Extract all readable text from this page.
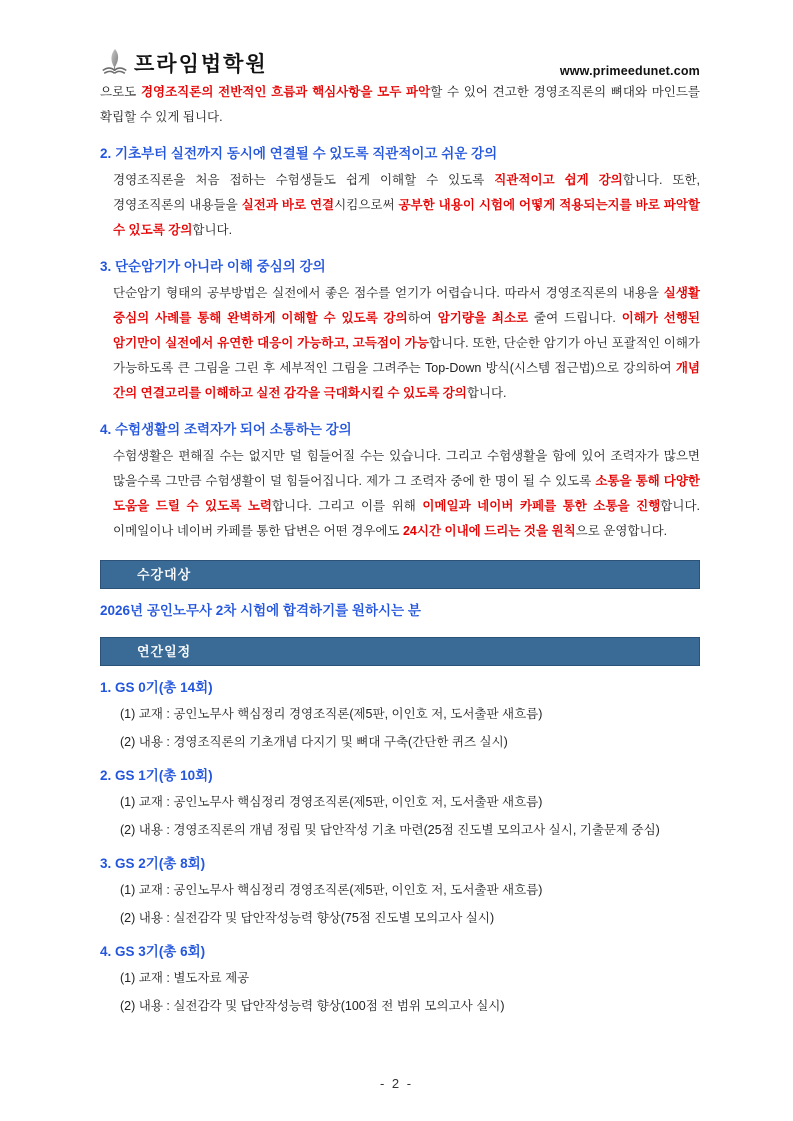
프라임법학원	www.primeedunet.com

으로도 경영조직론의 전반적인 흐름과 핵심사항을 모두 파악할 수 있어 견고한 경영조직론의 뼈대와 마인드를 확립할 수 있게 됩니다.

2. 기초부터 실전까지 동시에 연결될 수 있도록 직관적이고 쉬운 강의

경영조직론을 처음 접하는 수험생들도 쉽게 이해할 수 있도록 직관적이고 쉽게 강의합니다. 또한, 경영조직론의 내용들을 실전과 바로 연결시킴으로써 공부한 내용이 시험에 어떻게 적용되는지를 바로 파악할 수 있도록 강의합니다.

3. 단순암기가 아니라 이해 중심의 강의

단순암기 형태의 공부방법은 실전에서 좋은 점수를 얻기가 어렵습니다. 따라서 경영조직론의 내용을 실생활 중심의 사례를 통해 완벽하게 이해할 수 있도록 강의하여 암기량을 최소로 줄여 드립니다. 이해가 선행된 암기만이 실전에서 유연한 대응이 가능하고, 고득점이 가능합니다. 또한, 단순한 암기가 아닌 포괄적인 이해가 가능하도록 큰 그림을 그린 후 세부적인 그림을 그려주는 Top-Down 방식(시스템 접근법)으로 강의하여 개념 간의 연결고리를 이해하고 실전 감각을 극대화시킬 수 있도록 강의합니다.

4. 수험생활의 조력자가 되어 소통하는 강의

수험생활은 편해질 수는 없지만 덜 힘들어질 수는 있습니다. 그리고 수험생활을 함에 있어 조력자가 많으면 많을수록 그만큼 수험생활이 덜 힘들어집니다. 제가 그 조력자 중에 한 명이 될 수 있도록 소통을 통해 다양한 도움을 드릴 수 있도록 노력합니다. 그리고 이를 위해 이메일과 네이버 카페를 통한 소통을 진행합니다. 이메일이나 네이버 카페를 통한 답변은 어떤 경우에도 24시간 이내에 드리는 것을 원칙으로 운영합니다.

수강대상

2026년 공인노무사 2차 시험에 합격하기를 원하시는 분

연간일정
1. GS 0기(총 14회)
(1) 교재 : 공인노무사 핵심정리 경영조직론(제5판, 이인호 저, 도서출판 새흐름)
(2) 내용 : 경영조직론의 기초개념 다지기 및 뼈대 구축(간단한 퀴즈 실시)
2. GS 1기(총 10회)
(1) 교재 : 공인노무사 핵심정리 경영조직론(제5판, 이인호 저, 도서출판 새흐름)
(2) 내용 : 경영조직론의 개념 정립 및 답안작성 기초 마련(25점 진도별 모의고사 실시, 기출문제 중심)
3. GS 2기(총 8회)
(1) 교재 : 공인노무사 핵심정리 경영조직론(제5판, 이인호 저, 도서출판 새흐름)
(2) 내용 : 실전감각 및 답안작성능력 향상(75점 진도별 모의고사 실시)
4. GS 3기(총 6회)
(1) 교재 : 별도자료 제공
(2) 내용 : 실전감각 및 답안작성능력 향상(100점 전 범위 모의고사 실시)
- 2 -
